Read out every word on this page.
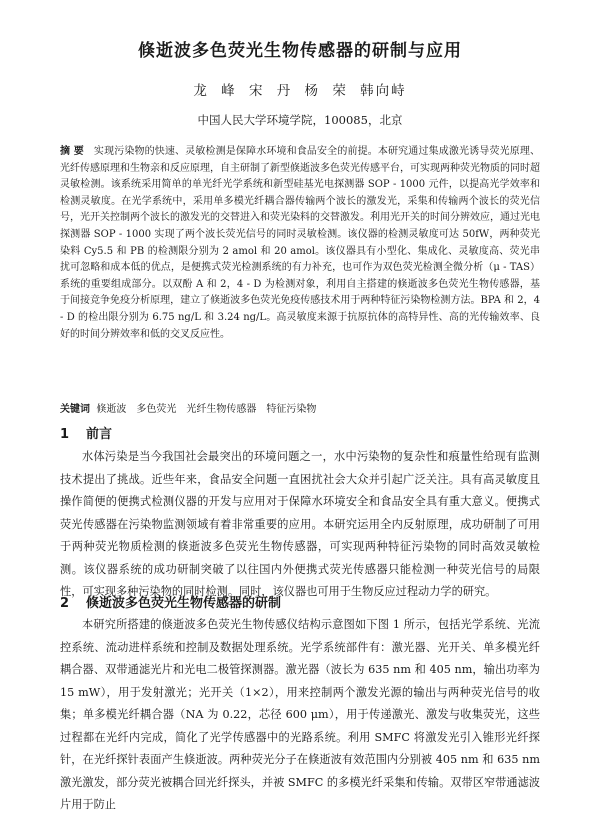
倏逝波多色荧光生物传感器的研制与应用
龙 峰 宋 丹 杨 荣 韩向峙
中国人民大学环境学院，100085，北京
摘 要 实现污染物的快速、灵敏检测是保障水环境和食品安全的前提。本研究通过集成激光诱导荧光原理、光纤传感原理和生物亲和反应原理，自主研制了新型倏逝波多色荧光传感平台，可实现两种荧光物质的同时超灵敏检测。该系统采用简单的单光纤光学系统和新型硅基光电探测器 SOP - 1000 元件，以提高光学效率和检测灵敏度。在光学系统中，采用单多模光纤耦合器传输两个波长的激发光，采集和传输两个波长的荧光信号，光开关控制两个波长的激发光的交替进入和荧光染料的交替激发。利用光开关的时间分辨效应，通过光电探测器 SOP - 1000 实现了两个波长荧光信号的同时灵敏检测。该仪器的检测灵敏度可达 50fW，两种荧光染料 Cy5.5 和 PB 的检测限分别为 2 amol 和 20 amol。该仪器具有小型化、集成化、灵敏度高、荧光串扰可忽略和成本低的优点，是便携式荧光检测系统的有力补充，也可作为双色荧光检测全微分析（μ - TAS）系统的重要组成部分。以双酚 A 和 2，4 - D 为检测对象，利用自主搭建的倏逝波多色荧光生物传感器，基于间接竞争免疫分析原理，建立了倏逝波多色荧光免疫传感技术用于两种特征污染物检测方法。BPA 和 2，4 - D 的检出限分别为 6.75 ng/L 和 3.24 ng/L。高灵敏度来源于抗原抗体的高特异性、高的光传输效率、良好的时间分辨效率和低的交叉反应性。
关键词 倏逝波　多色荧光　光纤生物传感器　特征污染物
1 前言
水体污染是当今我国社会最突出的环境问题之一，水中污染物的复杂性和痕量性给现有监测技术提出了挑战。近些年来，食品安全问题一直困扰社会大众并引起广泛关注。具有高灵敏度且操作简便的便携式检测仪器的开发与应用对于保障水环境安全和食品安全具有重大意义。便携式荧光传感器在污染物监测领域有着非常重要的应用。本研究运用全内反射原理，成功研制了可用于两种荧光物质检测的倏逝波多色荧光生物传感器，可实现两种特征污染物的同时高效灵敏检测。该仪器系统的成功研制突破了以往国内外便携式荧光传感器只能检测一种荧光信号的局限性，可实现多种污染物的同时检测。同时，该仪器也可用于生物反应过程动力学的研究。
2 倏逝波多色荧光生物传感器的研制
本研究所搭建的倏逝波多色荧光生物传感仪结构示意图如下图 1 所示，包括光学系统、光流控系统、流动进样系统和控制及数据处理系统。光学系统部件有：激光器、光开关、单多模光纤耦合器、双带通滤光片和光电二极管探测器。激光器（波长为 635 nm 和 405 nm，输出功率为 15 mW），用于发射激光；光开关（1×2），用来控制两个激发光源的输出与两种荧光信号的收集；单多模光纤耦合器（NA 为 0.22，芯径 600 μm），用于传递激光、激发与收集荧光，这些过程都在光纤内完成，简化了光学传感器中的光路系统。利用 SMFC 将激发光引入锥形光纤探针，在光纤探针表面产生倏逝波。两种荧光分子在倏逝波有效范围内分别被 405 nm 和 635 nm 激光激发，部分荧光被耦合回光纤探头，并被 SMFC 的多模光纤采集和传输。双带区窄带通滤波片用于防止
